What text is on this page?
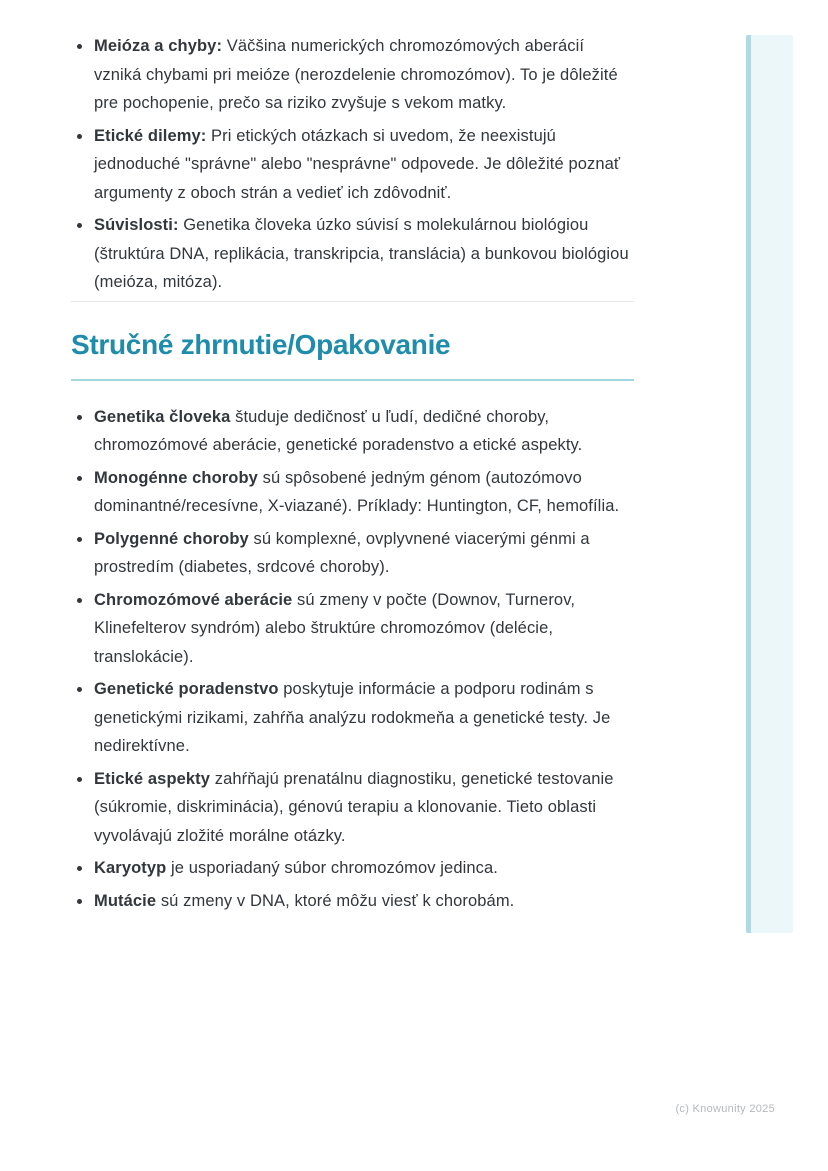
Meióza a chyby: Väčšina numerických chromozómových aberácií vzniká chybami pri meióze (nerozdelenie chromozómov). To je dôležité pre pochopenie, prečo sa riziko zvyšuje s vekom matky.
Etické dilemy: Pri etických otázkach si uvedom, že neexistujú jednoduché "správne" alebo "nesprávne" odpovede. Je dôležité poznať argumenty z oboch strán a vedieť ich zdôvodniť.
Súvislosti: Genetika človeka úzko súvisí s molekulárnou biológiou (štruktúra DNA, replikácia, transkripcia, translácia) a bunkovou biológiou (meióza, mitóza).
Stručné zhrnutie/Opakovanie
Genetika človeka študuje dedičnosť u ľudí, dedičné choroby, chromozómové aberácie, genetické poradenstvo a etické aspekty.
Monogénne choroby sú spôsobené jedným génom (autozómovo dominantné/recesívne, X-viazané). Príklady: Huntington, CF, hemofília.
Polygenné choroby sú komplexné, ovplyvnené viacerými génmi a prostredím (diabetes, srdcové choroby).
Chromozómové aberácie sú zmeny v počte (Downov, Turnerov, Klinefelterov syndróm) alebo štruktúre chromozómov (delécie, translokácie).
Genetické poradenstvo poskytuje informácie a podporu rodinám s genetickými rizikami, zahŕňa analýzu rodokmeňa a genetické testy. Je nedirektívne.
Etické aspekty zahŕňajú prenatálnu diagnostiku, genetické testovanie (súkromie, diskriminácia), génovú terapiu a klonovanie. Tieto oblasti vyvolávajú zložité morálne otázky.
Karyotyp je usporiadaný súbor chromozómov jedinca.
Mutácie sú zmeny v DNA, ktoré môžu viesť k chorobám.
(c) Knowunity 2025
